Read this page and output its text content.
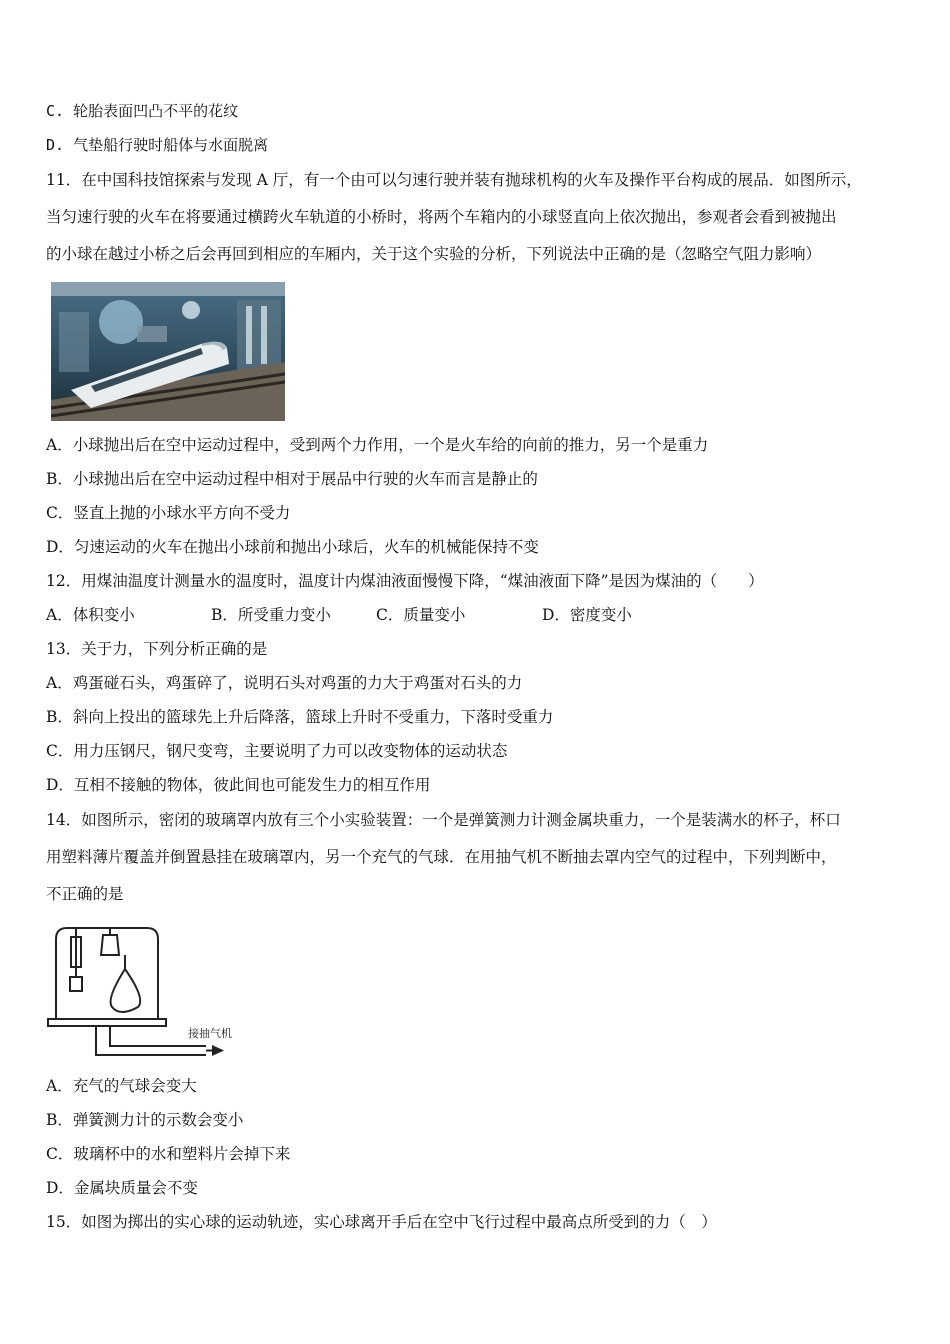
C. 轮胎表面凹凸不平的花纹
D. 气垫船行驶时船体与水面脱离
11．在中国科技馆探索与发现 A 厅，有一个由可以匀速行驶并装有抛球机构的火车及操作平台构成的展品．如图所示，
当匀速行驶的火车在将要通过横跨火车轨道的小桥时，将两个车箱内的小球竖直向上依次抛出，参观者会看到被抛出
的小球在越过小桥之后会再回到相应的车厢内，关于这个实验的分析，下列说法中正确的是（忽略空气阻力影响）
A．小球抛出后在空中运动过程中，受到两个力作用，一个是火车给的向前的推力，另一个是重力
B．小球抛出后在空中运动过程中相对于展品中行驶的火车而言是静止的
C．竖直上抛的小球水平方向不受力
D．匀速运动的火车在抛出小球前和抛出小球后，火车的机械能保持不变
12．用煤油温度计测量水的温度时，温度计内煤油液面慢慢下降，“煤油液面下降”是因为煤油的（　　）
A．体积变小	B．所受重力变小	C．质量变小	D．密度变小
13．关于力，下列分析正确的是
A．鸡蛋碰石头，鸡蛋碎了，说明石头对鸡蛋的力大于鸡蛋对石头的力
B．斜向上投出的篮球先上升后降落，篮球上升时不受重力，下落时受重力
C．用力压钢尺，钢尺变弯，主要说明了力可以改变物体的运动状态
D．互相不接触的物体，彼此间也可能发生力的相互作用
14．如图所示，密闭的玻璃罩内放有三个小实验装置：一个是弹簧测力计测金属块重力，一个是装满水的杯子，杯口
用塑料薄片覆盖并倒置悬挂在玻璃罩内，另一个充气的气球．在用抽气机不断抽去罩内空气的过程中，下列判断中，
不正确的是
接抽气机
A．充气的气球会变大
B．弹簧测力计的示数会变小
C．玻璃杯中的水和塑料片会掉下来
D．金属块质量会不变
15．如图为掷出的实心球的运动轨迹，实心球离开手后在空中飞行过程中最高点所受到的力（　）
